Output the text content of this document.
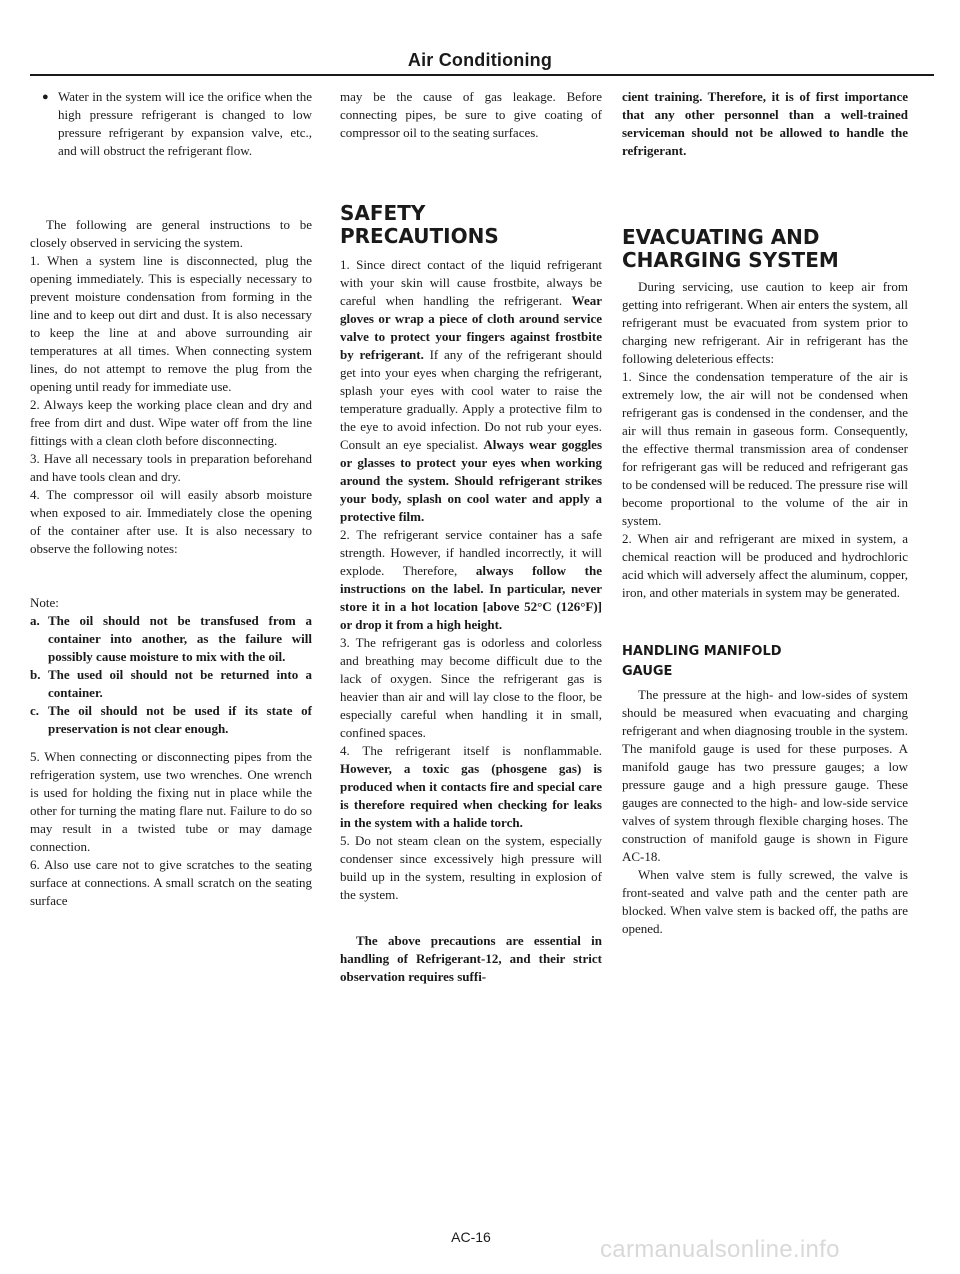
Air Conditioning
● Water in the system will ice the orifice when the high pressure refrigerant is changed to low pressure refrigerant by expansion valve, etc., and will obstruct the refrigerant flow.

The following are general instructions to be closely observed in servicing the system.

1. When a system line is disconnected, plug the opening immediately. This is especially necessary to prevent moisture condensation from forming in the line and to keep out dirt and dust. It is also necessary to keep the line at and above surrounding air temperatures at all times. When connecting system lines, do not attempt to remove the plug from the opening until ready for immediate use.

2. Always keep the working place clean and dry and free from dirt and dust. Wipe water off from the line fittings with a clean cloth before disconnecting.

3. Have all necessary tools in preparation beforehand and have tools clean and dry.

4. The compressor oil will easily absorb moisture when exposed to air. Immediately close the opening of the container after use. It is also necessary to observe the following notes:

Note:

a. The oil should not be transfused from a container into another, as the failure will possibly cause moisture to mix with the oil.
b. The used oil should not be returned into a container.
c. The oil should not be used if its state of preservation is not clear enough.

5. When connecting or disconnecting pipes from the refrigeration system, use two wrenches. One wrench is used for holding the fixing nut in place while the other for turning the mating flare nut. Failure to do so may result in a twisted tube or may damage connection.

6. Also use care not to give scratches to the seating surface at connections. A small scratch on the seating surface

may be the cause of gas leakage. Before connecting pipes, be sure to give coating of compressor oil to the seating surfaces.

SAFETY
PRECAUTIONS

1. Since direct contact of the liquid refrigerant with your skin will cause frostbite, always be careful when handling the refrigerant. Wear gloves or wrap a piece of cloth around service valve to protect your fingers against frostbite by refrigerant. If any of the refrigerant should get into your eyes when charging the refrigerant, splash your eyes with cool water to raise the temperature gradually. Apply a protective film to the eye to avoid infection. Do not rub your eyes. Consult an eye specialist. Always wear goggles or glasses to protect your eyes when working around the system. Should refrigerant strikes your body, splash on cool water and apply a protective film.

2. The refrigerant service container has a safe strength. However, if handled incorrectly, it will explode. Therefore, always follow the instructions on the label. In particular, never store it in a hot location [above 52°C (126°F)] or drop it from a high height.

3. The refrigerant gas is odorless and colorless and breathing may become difficult due to the lack of oxygen. Since the refrigerant gas is heavier than air and will lay close to the floor, be especially careful when handling it in small, confined spaces.

4. The refrigerant itself is nonflammable. However, a toxic gas (phosgene gas) is produced when it contacts fire and special care is therefore required when checking for leaks in the system with a halide torch.

5. Do not steam clean on the system, especially condenser since excessively high pressure will build up in the system, resulting in explosion of the system.

The above precautions are essential in handling of Refrigerant-12, and their strict observation requires suffi-

cient training. Therefore, it is of first importance that any other personnel than a well-trained serviceman should not be allowed to handle the refrigerant.

EVACUATING AND
CHARGING SYSTEM

During servicing, use caution to keep air from getting into refrigerant. When air enters the system, all refrigerant must be evacuated from system prior to charging new refrigerant. Air in refrigerant has the following deleterious effects:

1. Since the condensation temperature of the air is extremely low, the air will not be condensed when refrigerant gas is condensed in the condenser, and the air will thus remain in gaseous form. Consequently, the effective thermal transmission area of condenser for refrigerant gas will be reduced and refrigerant gas to be condensed will be reduced. The pressure rise will become proportional to the volume of the air in system.

2. When air and refrigerant are mixed in system, a chemical reaction will be produced and hydrochloric acid which will adversely affect the aluminum, copper, iron, and other materials in system may be generated.

HANDLING MANIFOLD
GAUGE

The pressure at the high- and low-sides of system should be measured when evacuating and charging refrigerant and when diagnosing trouble in the system. The manifold gauge is used for these purposes. A manifold gauge has two pressure gauges; a low pressure gauge and a high pressure gauge. These gauges are connected to the high- and low-side service valves of system through flexible charging hoses. The construction of manifold gauge is shown in Figure AC-18.

When valve stem is fully screwed, the valve is front-seated and valve path and the center path are blocked. When valve stem is backed off, the paths are opened.

AC-16	carmanualsonline.info
